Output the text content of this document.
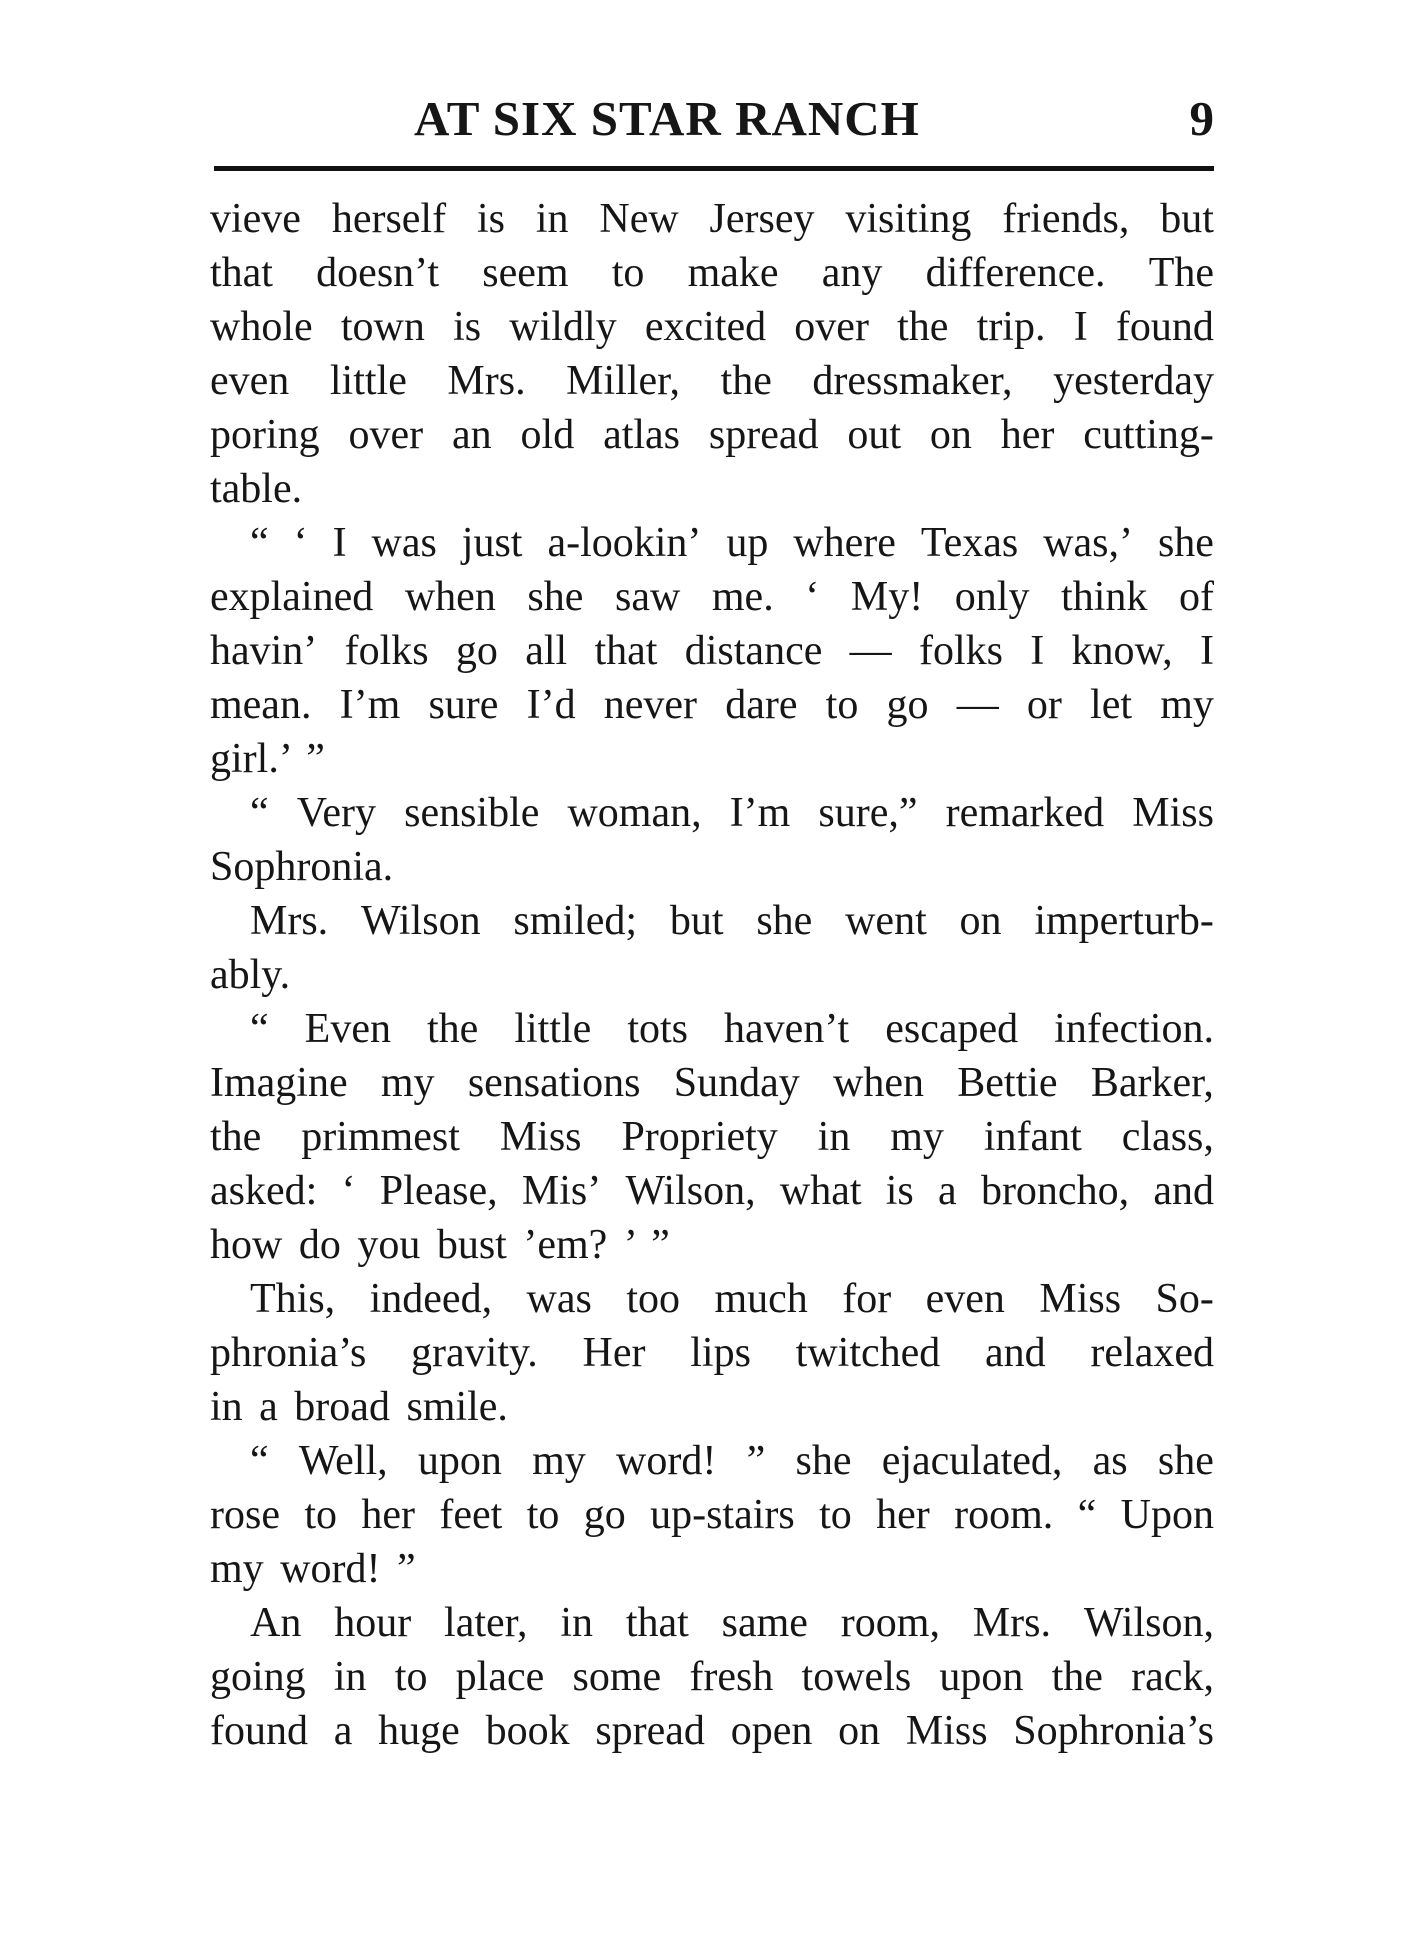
AT SIX STAR RANCH	9
vieve herself is in New Jersey visiting friends, but
that doesn’t seem to make any difference. The
whole town is wildly excited over the trip. I found
even little Mrs. Miller, the dressmaker, yesterday
poring over an old atlas spread out on her cutting-
table.
“ ‘ I was just a-lookin’ up where Texas was,’ she
explained when she saw me. ‘ My! only think of
havin’ folks go all that distance — folks I know, I
mean. I’m sure I’d never dare to go — or let my
girl.’ ”
“ Very sensible woman, I’m sure,” remarked Miss
Sophronia.
Mrs. Wilson smiled; but she went on imperturb-
ably.
“ Even the little tots haven’t escaped infection.
Imagine my sensations Sunday when Bettie Barker,
the primmest Miss Propriety in my infant class,
asked: ‘ Please, Mis’ Wilson, what is a broncho, and
how do you bust ’em? ’ ”
This, indeed, was too much for even Miss So-
phronia’s gravity. Her lips twitched and relaxed
in a broad smile.
“ Well, upon my word! ” she ejaculated, as she
rose to her feet to go up-stairs to her room. “ Upon
my word! ”
An hour later, in that same room, Mrs. Wilson,
going in to place some fresh towels upon the rack,
found a huge book spread open on Miss Sophronia’s
